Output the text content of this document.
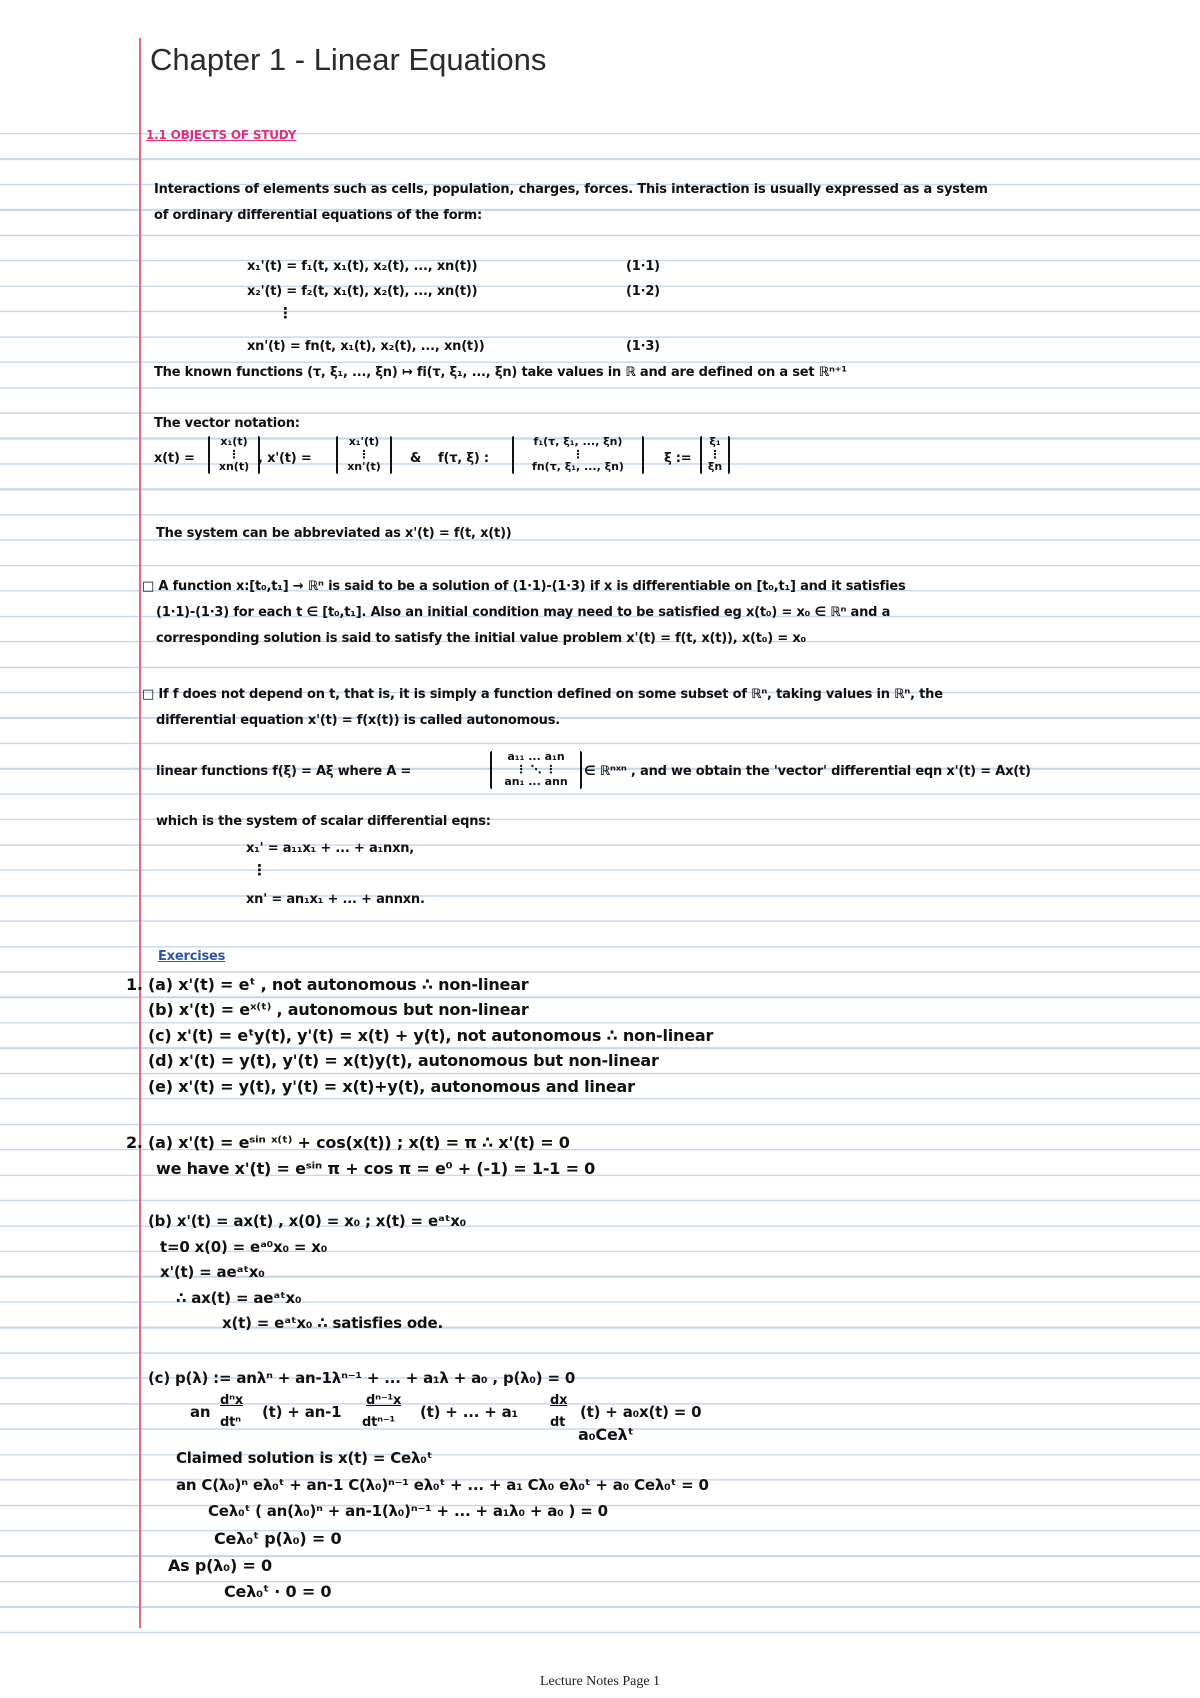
Chapter 1 - Linear Equations
1.1 OBJECTS OF STUDY
Interactions of elements such as cells, population, charges, forces. This interaction is usually expressed as a system
of ordinary differential equations of the form:
x₁'(t) = f₁(t, x₁(t), x₂(t), ..., xn(t))	(1·1)
x₂'(t) = f₂(t, x₁(t), x₂(t), ..., xn(t))	(1·2)
⋮
xn'(t) = fn(t, x₁(t), x₂(t), ..., xn(t))	(1·3)
The known functions (τ, ξ₁, ..., ξn) ↦ fi(τ, ξ₁, ..., ξn) take values in ℝ and are defined on a set ℝⁿ⁺¹
The vector notation:
x(t) =
x₁(t)
⋮
xn(t)
, x'(t) =
x₁'(t)
⋮
xn'(t)
& f(τ, ξ) :
f₁(τ, ξ₁, ..., ξn)
⋮
fn(τ, ξ₁, ..., ξn)
ξ :=
ξ₁
⋮
ξn
The system can be abbreviated as x'(t) = f(t, x(t))
□ A function x:[t₀,t₁] → ℝⁿ is said to be a solution of (1·1)-(1·3) if x is differentiable on [t₀,t₁] and it satisfies
(1·1)-(1·3) for each t ∈ [t₀,t₁]. Also an initial condition may need to be satisfied eg x(t₀) = x₀ ∈ ℝⁿ and a
corresponding solution is said to satisfy the initial value problem x'(t) = f(t, x(t)), x(t₀) = x₀
□ If f does not depend on t, that is, it is simply a function defined on some subset of ℝⁿ, taking values in ℝⁿ, the
differential equation x'(t) = f(x(t)) is called autonomous.
linear functions f(ξ) = Aξ where A =
a₁₁ ... a₁n
⋮ ⋱ ⋮
an₁ ... ann
∈ ℝⁿˣⁿ , and we obtain the 'vector' differential eqn x'(t) = Ax(t)
which is the system of scalar differential eqns:
x₁' = a₁₁x₁ + ... + a₁nxn,
⋮
xn' = an₁x₁ + ... + annxn.
Exercises
1. (a) x'(t) = eᵗ , not autonomous ∴ non-linear
(b) x'(t) = eˣ⁽ᵗ⁾ , autonomous but non-linear
(c) x'(t) = eᵗy(t), y'(t) = x(t) + y(t), not autonomous ∴ non-linear
(d) x'(t) = y(t), y'(t) = x(t)y(t), autonomous but non-linear
(e) x'(t) = y(t), y'(t) = x(t)+y(t), autonomous and linear
2. (a) x'(t) = eˢⁱⁿ ˣ⁽ᵗ⁾ + cos(x(t)) ; x(t) = π ∴ x'(t) = 0
we have x'(t) = eˢⁱⁿ π + cos π = e⁰ + (-1) = 1-1 = 0
(b) x'(t) = ax(t) , x(0) = x₀ ; x(t) = eᵃᵗx₀
t=0 x(0) = eᵃ⁰x₀ = x₀
x'(t) = aeᵃᵗx₀
∴ ax(t) = aeᵃᵗx₀
x(t) = eᵃᵗx₀ ∴ satisfies ode.
(c) p(λ) := anλⁿ + an-1λⁿ⁻¹ + ... + a₁λ + a₀ , p(λ₀) = 0
an
dⁿx
dtⁿ
(t) + an-1
dⁿ⁻¹x
dtⁿ⁻¹
(t) + ... + a₁
dx
dt
(t) + a₀x(t) = 0
a₀Ceλᵗ
Claimed solution is x(t) = Ceλ₀ᵗ
an C(λ₀)ⁿ eλ₀ᵗ + an-1 C(λ₀)ⁿ⁻¹ eλ₀ᵗ + ... + a₁ Cλ₀ eλ₀ᵗ + a₀ Ceλ₀ᵗ = 0
Ceλ₀ᵗ ( an(λ₀)ⁿ + an-1(λ₀)ⁿ⁻¹ + ... + a₁λ₀ + a₀ ) = 0
Ceλ₀ᵗ p(λ₀) = 0
As p(λ₀) = 0
Ceλ₀ᵗ · 0 = 0
Lecture Notes Page 1
